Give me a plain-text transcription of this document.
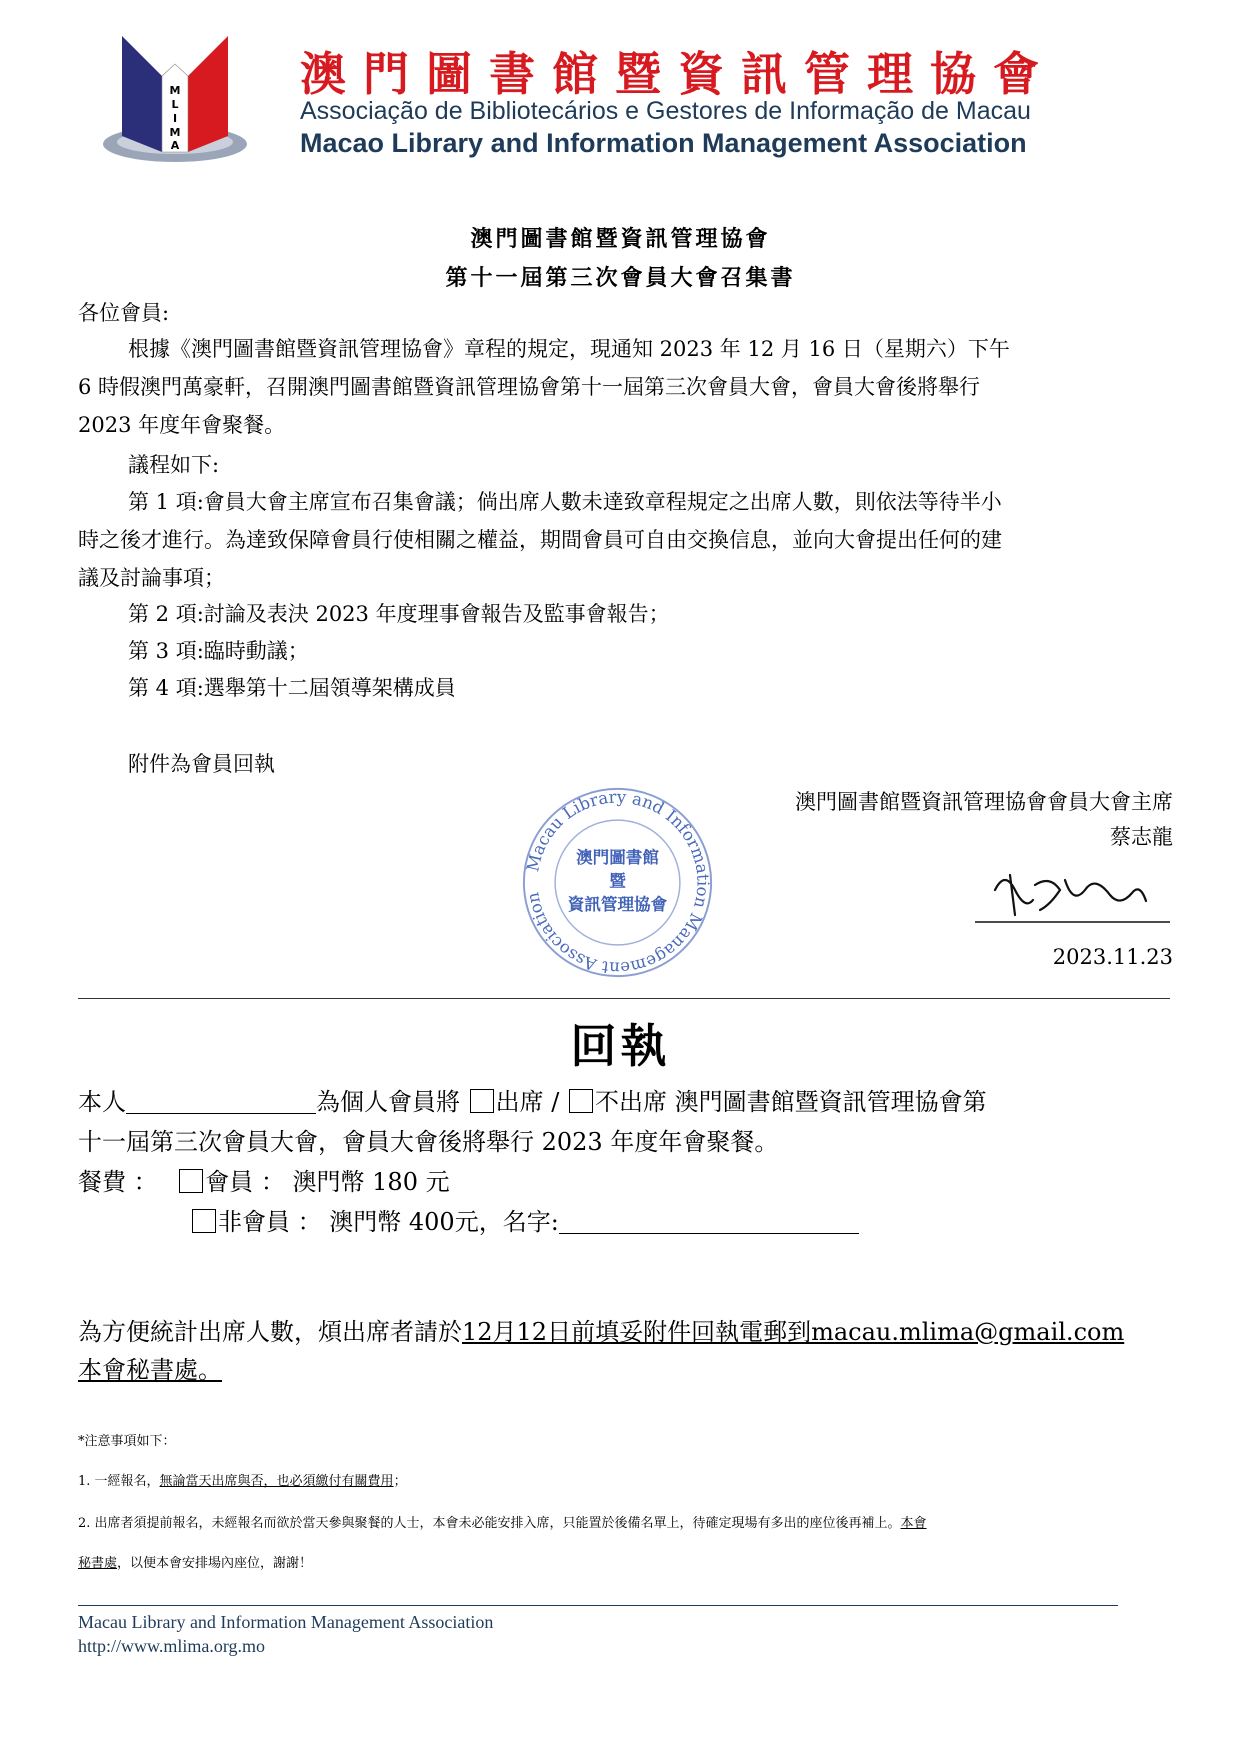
M
L
I
M
A
澳門圖書館暨資訊管理協會
Associação de Bibliotecários e Gestores de Informação de Macau
Macao Library and Information Management Association
澳門圖書館暨資訊管理協會
第十一屆第三次會員大會召集書
各位會員:
根據《澳門圖書館暨資訊管理協會》章程的規定，現通知 2023 年 12 月 16 日（星期六）下午
6 時假澳門萬豪軒，召開澳門圖書館暨資訊管理協會第十一屆第三次會員大會，會員大會後將舉行
2023 年度年會聚餐。
議程如下:
第 1 項:會員大會主席宣布召集會議；倘出席人數未達致章程規定之出席人數，則依法等待半小
時之後才進行。為達致保障會員行使相關之權益，期間會員可自由交換信息，並向大會提出任何的建
議及討論事項；
第 2 項:討論及表決 2023 年度理事會報告及監事會報告；
第 3 項:臨時動議；
第 4 項:選舉第十二屆領導架構成員
附件為會員回執
Macau Library and Information Management Association
澳門圖書館
暨
資訊管理協會
澳門圖書館暨資訊管理協會會員大會主席
蔡志龍
2023.11.23
回執
本人	為個人會員將 出席 / 不出席 澳門圖書館暨資訊管理協會第
十一屆第三次會員大會，會員大會後將舉行 2023 年度年會聚餐。
餐費 ： 會員 ： 澳門幣 180 元
非會員 ： 澳門幣 400元，名字:
為方便統計出席人數，煩出席者請於12月12日前填妥附件回執電郵到macau.mlima@gmail.com
本會秘書處。
*注意事項如下：
1. 一經報名，無論當天出席與否，也必須繳付有關費用；
2. 出席者須提前報名，未經報名而欲於當天參與聚餐的人士，本會未必能安排入席，只能置於後備名單上，待確定現場有多出的座位後再補上。本會
秘書處，以便本會安排場內座位，謝謝！
Macau Library and Information Management Association
http://www.mlima.org.mo
